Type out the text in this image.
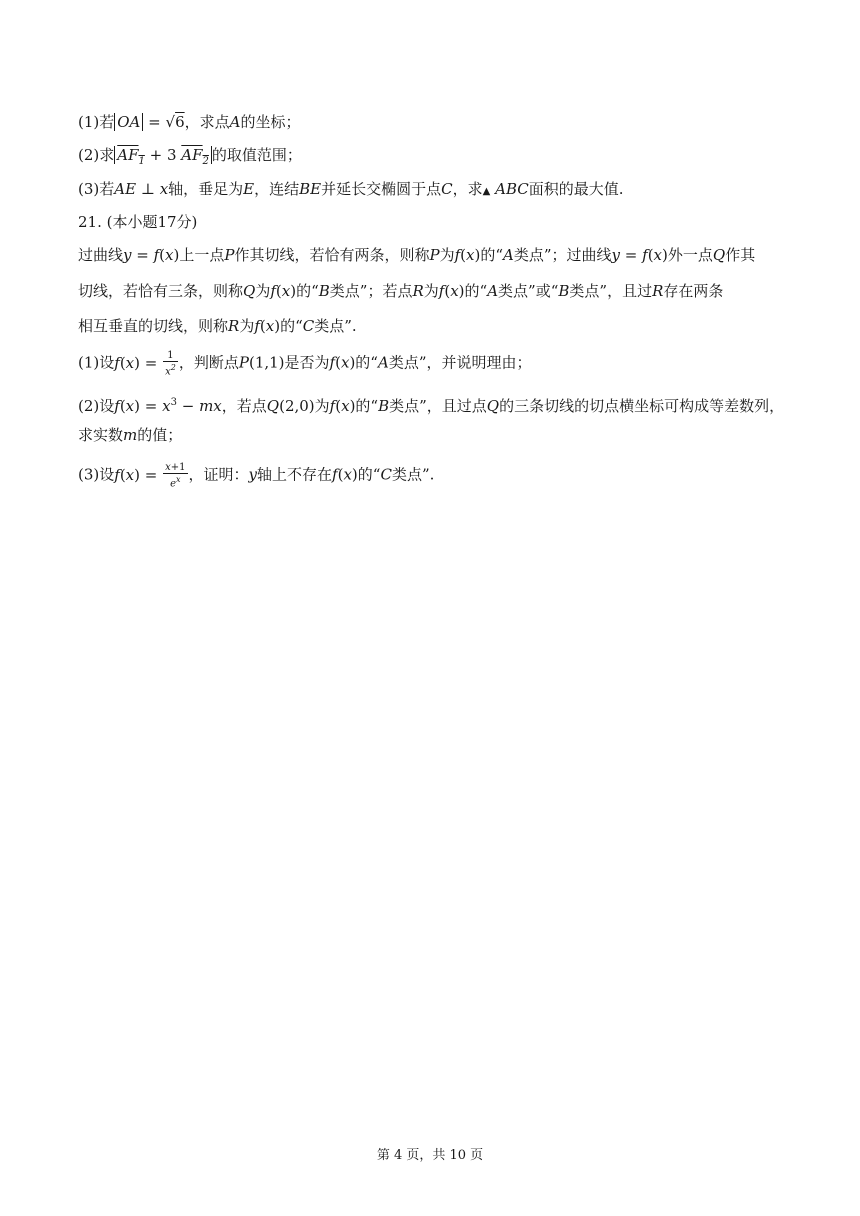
(1)若 OA = √6，求点A的坐标；
(2)求 $AF_1 + 3$ $AF_2$ 的取值范围；
(3)若AE ⊥ x轴，垂足为E，连结BE并延长交椭圆于点C，求▲ ABC面积的最大值.
21. (本小题17分)
过曲线y = f(x)上一点P作其切线，若恰有两条，则称P为f(x)的“A类点”；过曲线y = f(x)外一点Q作其
切线，若恰有三条，则称Q为f(x)的“B类点”；若点R为f(x)的“A类点”或“B类点”，且过R存在两条
相互垂直的切线，则称R为f(x)的“C类点”.
(1)设$f(x) = \frac{1}{x^2}$ ，判断点P(1,1)是否为f(x)的“A类点”，并说明理由；
(2)设$f(x) = x^3$ − mx，若点Q(2,0)为f(x)的“B类点”，且过点Q的三条切线的切点横坐标可构成等差数列，
求实数m的值；
(3)设$f(x) = \frac{x+1}{e^x}$ ，证明：y轴上不存在f(x)的“C类点”.
第 4 页，共 10 页
